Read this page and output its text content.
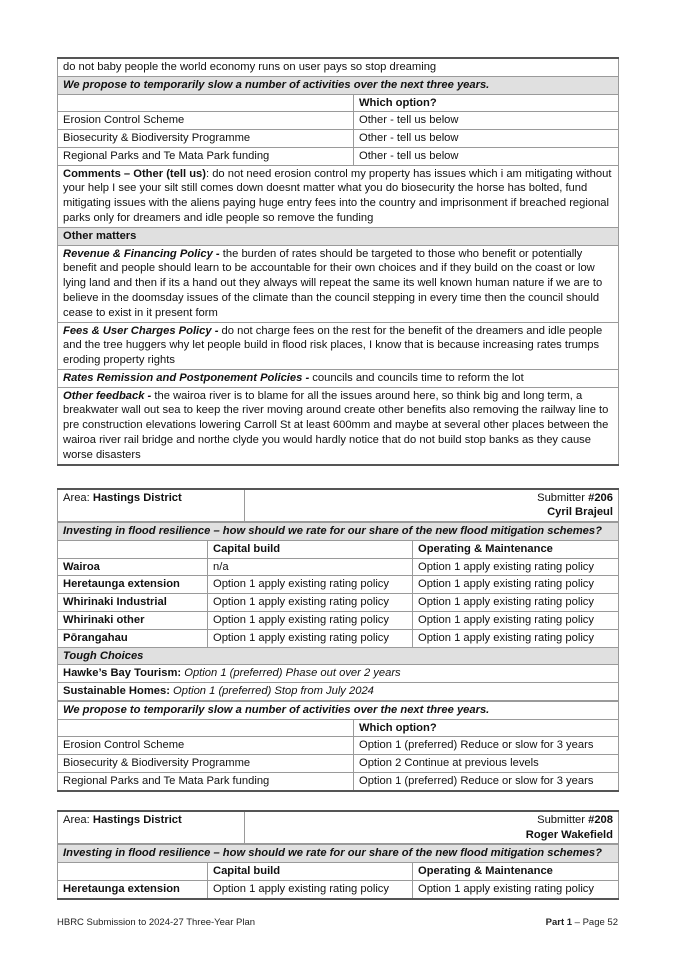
do not baby people the world economy runs on user pays so stop dreaming	
We propose to temporarily slow a number of activities over the next three years.	
	Which option?
Erosion Control Scheme	Other - tell us below
Biosecurity & Biodiversity Programme	Other - tell us below
Regional Parks and Te Mata Park funding	Other - tell us below
Comments – Other (tell us): do not need erosion control my property has issues which i am mitigating without your help I see your silt still comes down doesnt matter what you do biosecurity the horse has bolted, fund mitigating issues with the aliens paying huge entry fees into the country and imprisonment if breached regional parks only for dreamers and idle people so remove the funding	
Other matters	
Revenue & Financing Policy - the burden of rates should be targeted to those who benefit or potentially benefit and people should learn to be accountable for their own choices and if they build on the coast or low lying land and then if its a hand out they always will repeat the same its well known human nature if we are to believe in the doomsday issues of the climate than the council stepping in every time then the council should cease to exist in it present form	
Fees & User Charges Policy - do not charge fees on the rest for the benefit of the dreamers and idle people and the tree huggers why let people build in flood risk places, I know that is because increasing rates trumps eroding property rights	
Rates Remission and Postponement Policies - councils and councils time to reform the lot	
Other feedback - the wairoa river is to blame for all the issues around here, so think big and long term, a breakwater wall out sea to keep the river moving around create other benefits also removing the railway line to pre construction elevations lowering Carroll St at least 600mm and maybe at several other places between the wairoa river rail bridge and northe clyde you would hardly notice that do not build stop banks as they cause worse disasters	
Area: Hastings District	Submitter #206
Cyril Brajeul
Investing in flood resilience – how should we rate for our share of the new flood mitigation schemes?		
	Capital build	Operating & Maintenance
Wairoa	n/a	Option 1 apply existing rating policy
Heretaunga extension	Option 1 apply existing rating policy	Option 1 apply existing rating policy
Whirinaki Industrial	Option 1 apply existing rating policy	Option 1 apply existing rating policy
Whirinaki other	Option 1 apply existing rating policy	Option 1 apply existing rating policy
Pōrangahau	Option 1 apply existing rating policy	Option 1 apply existing rating policy
Tough Choices		
Hawke’s Bay Tourism: Option 1 (preferred) Phase out over 2 years		
Sustainable Homes: Option 1 (preferred) Stop from July 2024		
We propose to temporarily slow a number of activities over the next three years.	
	Which option?
Erosion Control Scheme	Option 1 (preferred) Reduce or slow for 3 years
Biosecurity & Biodiversity Programme	Option 2 Continue at previous levels
Regional Parks and Te Mata Park funding	Option 1 (preferred) Reduce or slow for 3 years
Area: Hastings District	Submitter #208
Roger Wakefield
Investing in flood resilience – how should we rate for our share of the new flood mitigation schemes?		
	Capital build	Operating & Maintenance
Heretaunga extension	Option 1 apply existing rating policy	Option 1 apply existing rating policy
HBRC Submission to 2024-27 Three-Year Plan	Part 1 – Page 52
